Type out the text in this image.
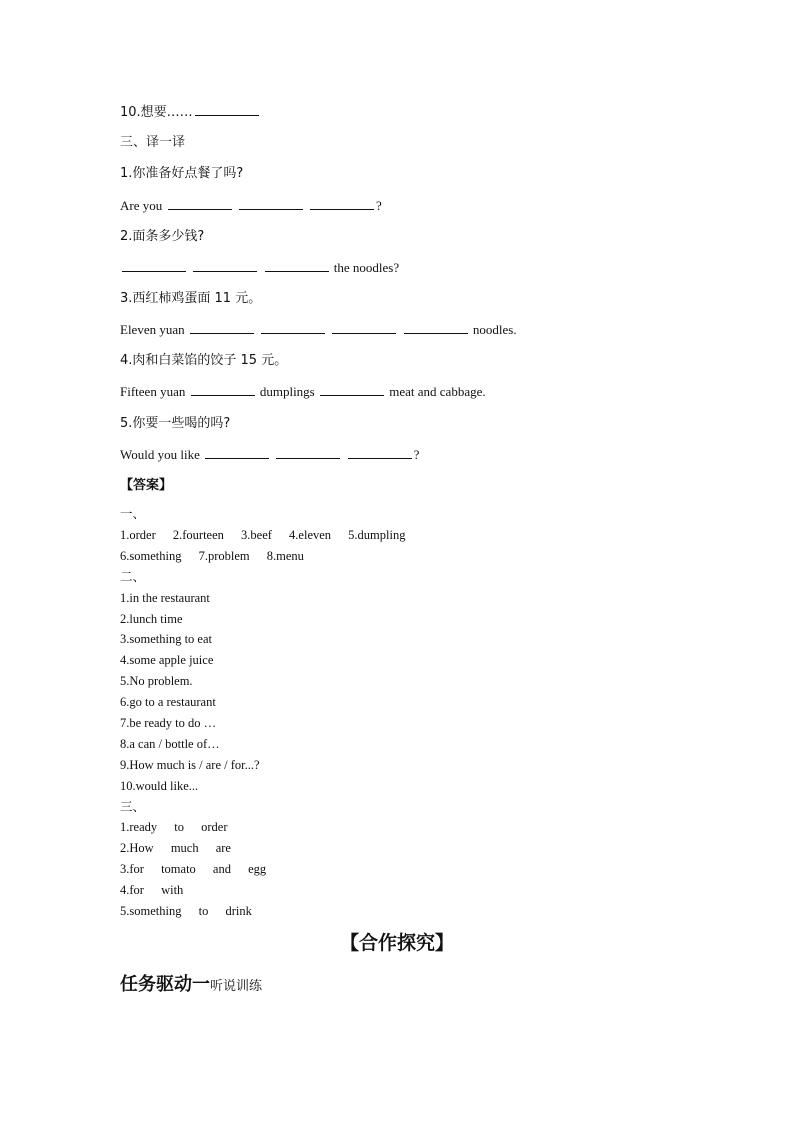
10.想要……
三、译一译
1.你准备好点餐了吗?
Are you	?
2.面条多少钱?
the noodles?
3.西红柿鸡蛋面 11 元。
Eleven yuan	noodles.
4.肉和白菜馅的饺子 15 元。
Fifteen yuan	dumplings	meat and cabbage.
5.你要一些喝的吗?
Would you like	?
【答案】
一、
1.order 2.fourteen 3.beef 4.eleven 5.dumpling
6.something 7.problem 8.menu
二、
1.in the restaurant
2.lunch time
3.something to eat
4.some apple juice
5.No problem.
6.go to a restaurant
7.be ready to do …
8.a can / bottle of…
9.How much is / are / for...?
10.would like...
三、
1.ready to order
2.How much are
3.for tomato and egg
4.for with
5.something to drink
【合作探究】
任务驱动一听说训练
